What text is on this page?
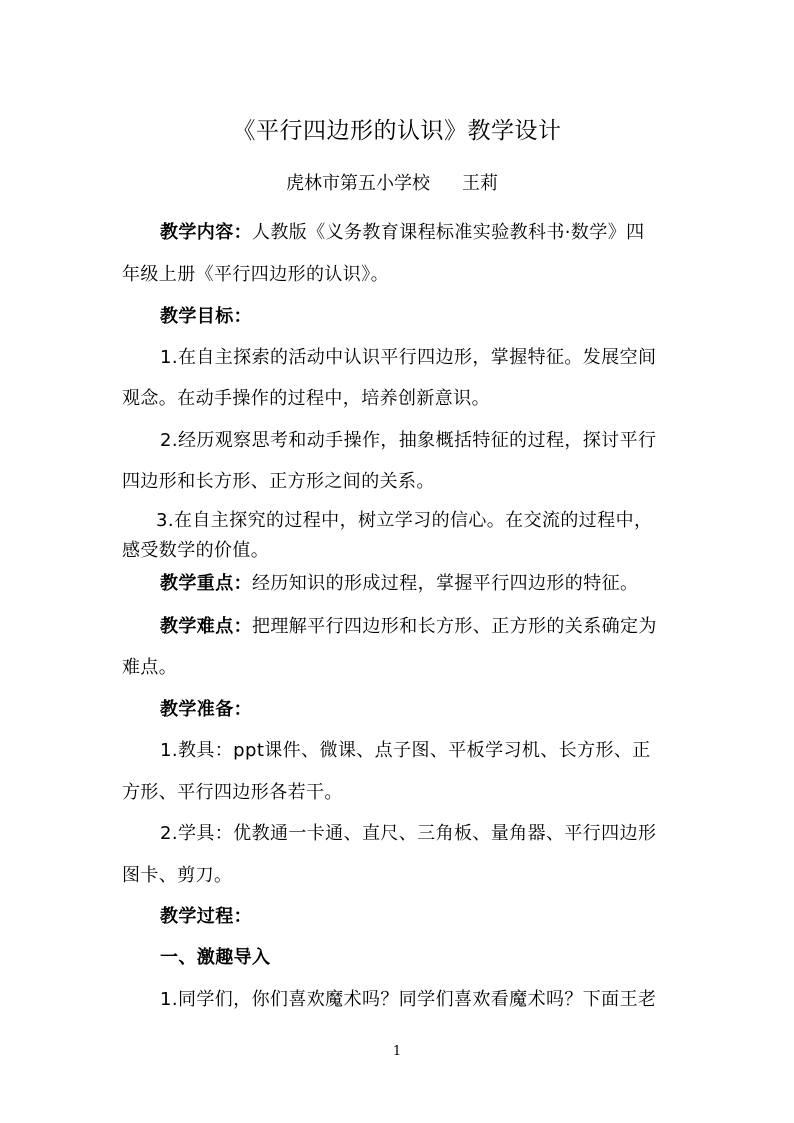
《平行四边形的认识》教学设计
虎林市第五小学校 王莉
教学内容：人教版《义务教育课程标准实验教科书·数学》四
年级上册《平行四边形的认识》。
教学目标：
1.在自主探索的活动中认识平行四边形，掌握特征。发展空间
观念。在动手操作的过程中，培养创新意识。
2.经历观察思考和动手操作，抽象概括特征的过程，探讨平行
四边形和长方形、正方形之间的关系。
3.在自主探究的过程中，树立学习的信心。在交流的过程中，
感受数学的价值。
教学重点：经历知识的形成过程，掌握平行四边形的特征。
教学难点：把理解平行四边形和长方形、正方形的关系确定为
难点。
教学准备：
1.教具：ppt课件、微课、点子图、平板学习机、长方形、正
方形、平行四边形各若干。
2.学具：优教通一卡通、直尺、三角板、量角器、平行四边形
图卡、剪刀。
教学过程：
一、激趣导入
1.同学们，你们喜欢魔术吗？同学们喜欢看魔术吗？下面王老
1
